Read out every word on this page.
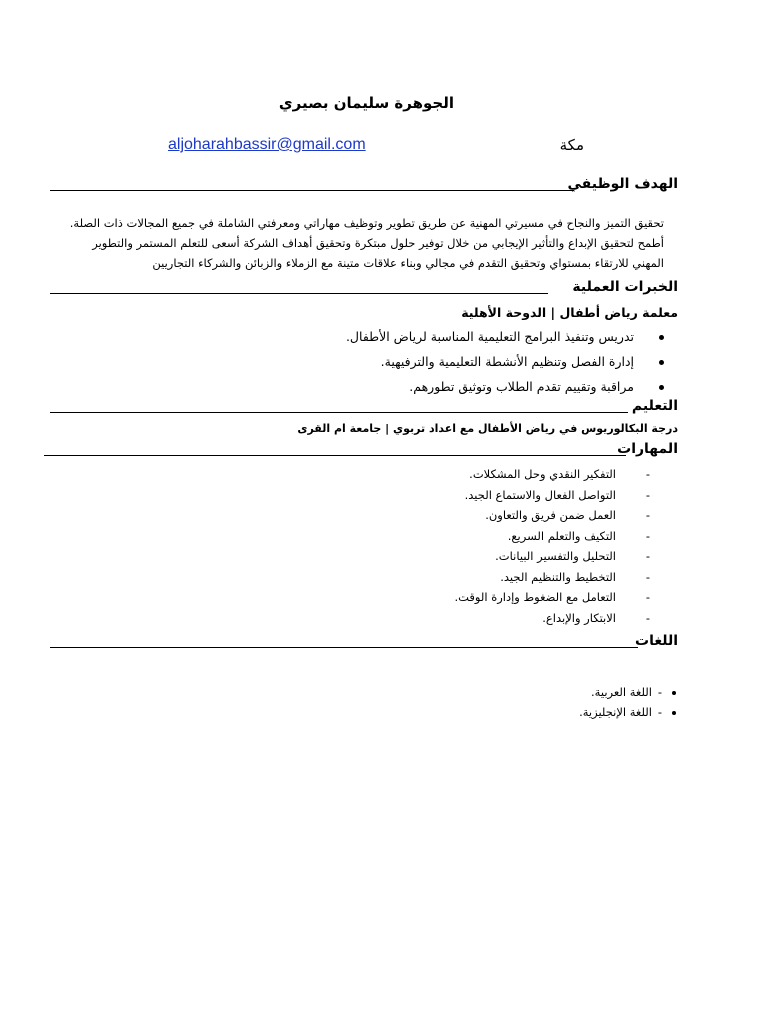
الجوهرة سليمان بصيري
aljoharahbassir@gmail.com	مكة
الهدف الوظيفي
تحقيق التميز والنجاح في مسيرتي المهنية عن طريق تطوير وتوظيف مهاراتي ومعرفتي الشاملة في جميع المجالات ذات الصلة.
أطمح لتحقيق الإبداع والتأثير الإيجابي من خلال توفير حلول مبتكرة وتحقيق أهداف الشركة أسعى للتعلم المستمر والتطوير
المهني للارتقاء بمستواي وتحقيق التقدم في مجالي وبناء علاقات متينة مع الزملاء والزبائن والشركاء التجاريين
الخبرات العملية
معلمة رياض أطفال | الدوحة الأهلية
تدريس وتنفيذ البرامج التعليمية المناسبة لرياض الأطفال.
إدارة الفصل وتنظيم الأنشطة التعليمية والترفيهية.
مراقبة وتقييم تقدم الطلاب وتوثيق تطورهم.
التعليم
درجة البكالوريوس في رياض الأطفال مع اعداد تربوي | جامعة ام القرى
المهارات
-
التفكير النقدي وحل المشكلات.
-
التواصل الفعال والاستماع الجيد.
-
العمل ضمن فريق والتعاون.
-
التكيف والتعلم السريع.
-
التحليل والتفسير البيانات.
-
التخطيط والتنظيم الجيد.
-
التعامل مع الضغوط وإدارة الوقت.
-
الابتكار والإبداع.
اللغات
• -
اللغة العربية.
• -
اللغة الإنجليزية.
